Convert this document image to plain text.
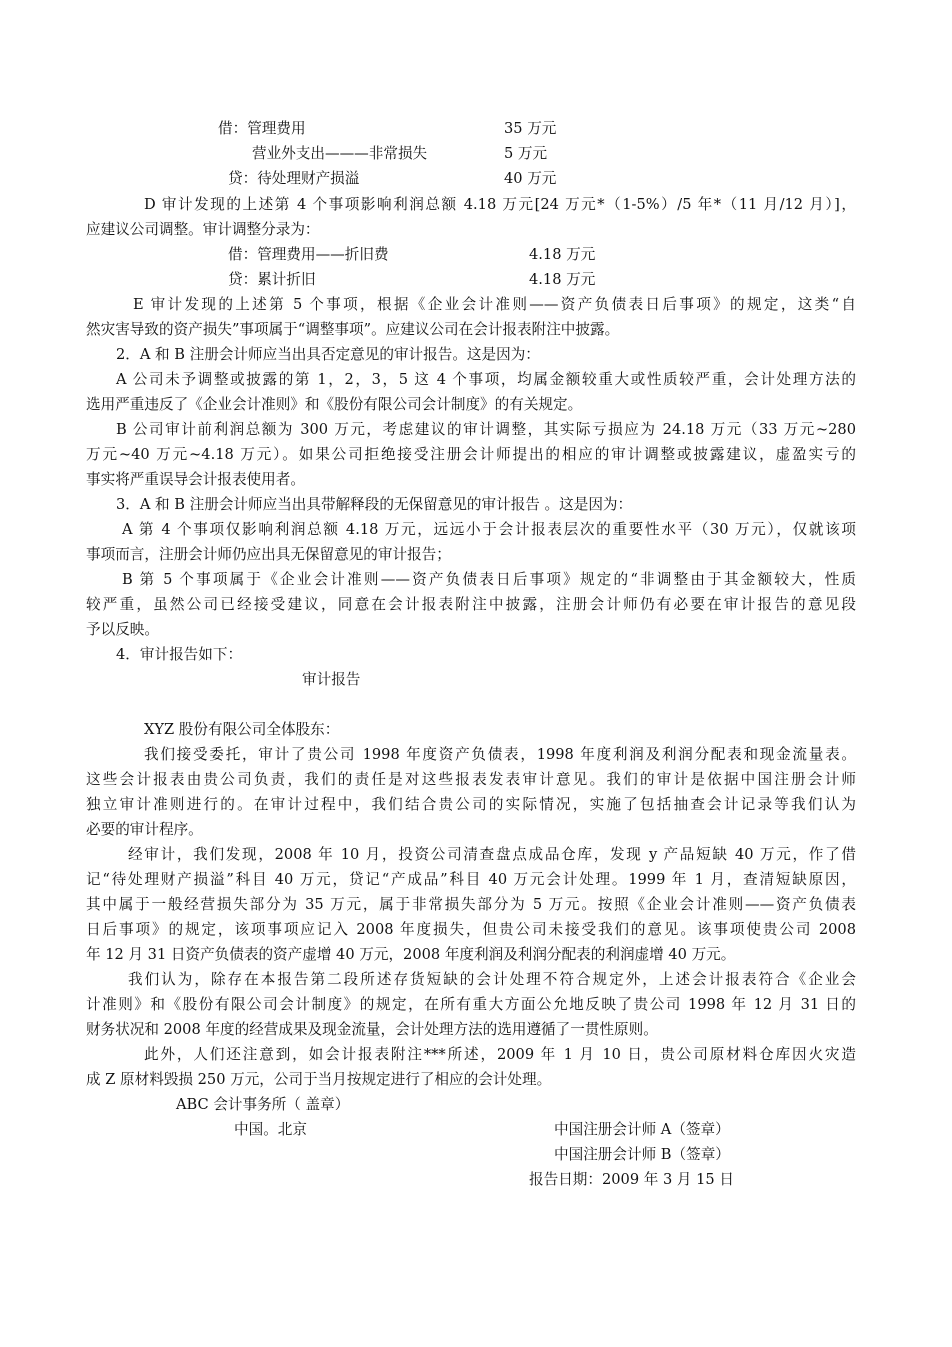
借：管理费用	35 万元

营业外支出———非常损失	5 万元

贷：待处理财产损溢	40 万元

D 审计发现的上述第 4 个事项影响利润总额 4.18 万元[24 万元*（1-5%）/5 年*（11 月/12 月）]，

应建议公司调整。审计调整分录为：

借：管理费用——折旧费	4.18 万元

贷：累计折旧	4.18 万元

E 审计发现的上述第 5 个事项，根据《企业会计准则——资产负债表日后事项》的规定，这类“自

然灾害导致的资产损失”事项属于“调整事项”。应建议公司在会计报表附注中披露。

2．A 和 B 注册会计师应当出具否定意见的审计报告。这是因为：

A 公司未予调整或披露的第 1，2，3，5 这 4 个事项，均属金额较重大或性质较严重，会计处理方法的

选用严重违反了《企业会计准则》和《股份有限公司会计制度》的有关规定。

B 公司审计前利润总额为 300 万元，考虑建议的审计调整，其实际亏损应为 24.18 万元（33 万元~280

万元~40 万元~4.18 万元）。如果公司拒绝接受注册会计师提出的相应的审计调整或披露建议，虚盈实亏的

事实将严重误导会计报表使用者。

3．A 和 B 注册会计师应当出具带解释段的无保留意见的审计报告 。这是因为：

A 第 4 个事项仅影响利润总额 4.18 万元，远远小于会计报表层次的重要性水平（30 万元），仅就该项

事项而言，注册会计师仍应出具无保留意见的审计报告；

B 第 5 个事项属于《企业会计准则——资产负债表日后事项》规定的“非调整由于其金额较大，性质

较严重，虽然公司已经接受建议，同意在会计报表附注中披露，注册会计师仍有必要在审计报告的意见段

予以反映。

4．审计报告如下：

审计报告

XYZ 股份有限公司全体股东：

我们接受委托，审计了贵公司 1998 年度资产负债表，1998 年度利润及利润分配表和现金流量表。

这些会计报表由贵公司负责，我们的责任是对这些报表发表审计意见。我们的审计是依据中国注册会计师

独立审计准则进行的。在审计过程中，我们结合贵公司的实际情况，实施了包括抽查会计记录等我们认为

必要的审计程序。

经审计，我们发现，2008 年 10 月，投资公司清查盘点成品仓库，发现 y 产品短缺 40 万元，作了借

记“待处理财产损溢”科目 40 万元，贷记“产成品”科目 40 万元会计处理。1999 年 1 月，查清短缺原因，

其中属于一般经营损失部分为 35 万元，属于非常损失部分为 5 万元。按照《企业会计准则——资产负债表

日后事项》的规定，该项事项应记入 2008 年度损失，但贵公司未接受我们的意见。该事项使贵公司 2008

年 12 月 31 日资产负债表的资产虚增 40 万元，2008 年度利润及利润分配表的利润虚增 40 万元。

我们认为，除存在本报告第二段所述存货短缺的会计处理不符合规定外，上述会计报表符合《企业会

计准则》和《股份有限公司会计制度》的规定，在所有重大方面公允地反映了贵公司 1998 年 12 月 31 日的

财务状况和 2008 年度的经营成果及现金流量，会计处理方法的选用遵循了一贯性原则。

此外，人们还注意到，如会计报表附注***所述，2009 年 1 月 10 日，贵公司原材料仓库因火灾造

成 Z 原材料毁损 250 万元，公司于当月按规定进行了相应的会计处理。

ABC 会计事务所（ 盖章）

中国。北京	中国注册会计师 A（签章）

中国注册会计师 B（签章）

报告日期：2009 年 3 月 15 日
